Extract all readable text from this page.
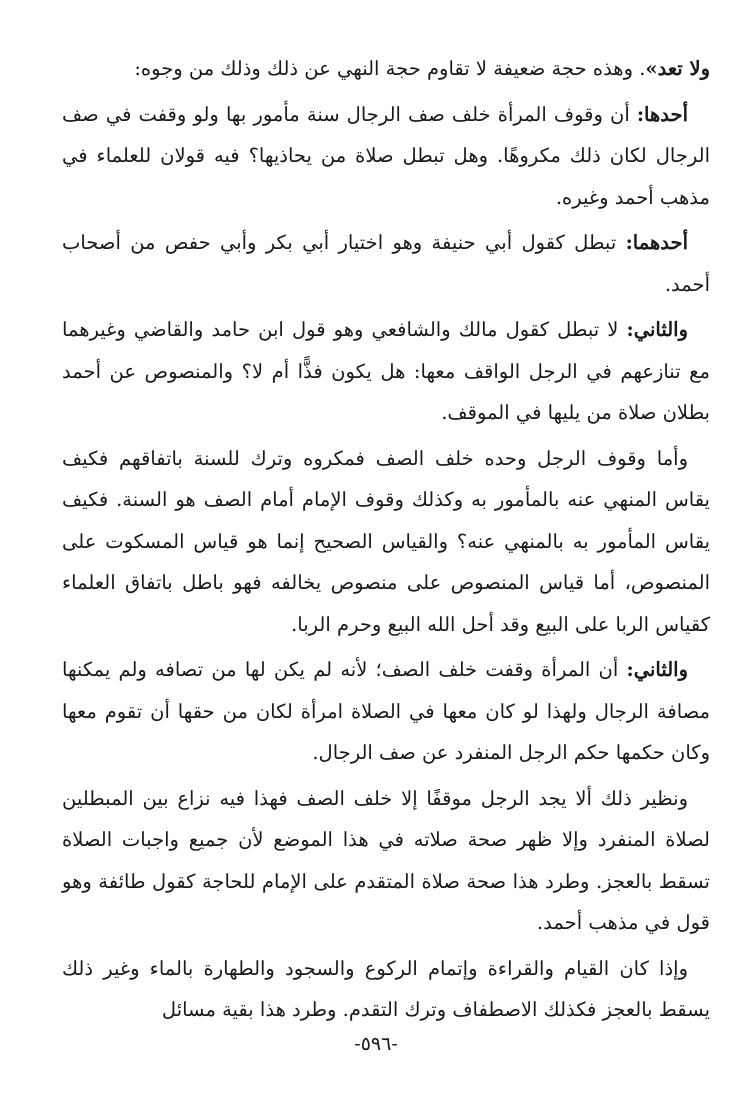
ولا تعد». وهذه حجة ضعيفة لا تقاوم حجة النهي عن ذلك وذلك من وجوه:

أحدها: أن وقوف المرأة خلف صف الرجال سنة مأمور بها ولو وقفت في صف الرجال لكان ذلك مكروهًا. وهل تبطل صلاة من يحاذيها؟ فيه قولان للعلماء في مذهب أحمد وغيره.

أحدهما: تبطل كقول أبي حنيفة وهو اختيار أبي بكر وأبي حفص من أصحاب أحمد.

والثاني: لا تبطل كقول مالك والشافعي وهو قول ابن حامد والقاضي وغيرهما مع تنازعهم في الرجل الواقف معها: هل يكون فذًّا أم لا؟ والمنصوص عن أحمد بطلان صلاة من يليها في الموقف.

وأما وقوف الرجل وحده خلف الصف فمكروه وترك للسنة باتفاقهم فكيف يقاس المنهي عنه بالمأمور به وكذلك وقوف الإمام أمام الصف هو السنة. فكيف يقاس المأمور به بالمنهي عنه؟ والقياس الصحيح إنما هو قياس المسكوت على المنصوص، أما قياس المنصوص على منصوص يخالفه فهو باطل باتفاق العلماء كقياس الربا على البيع وقد أحل الله البيع وحرم الربا.

والثاني: أن المرأة وقفت خلف الصف؛ لأنه لم يكن لها من تصافه ولم يمكنها مصافة الرجال ولهذا لو كان معها في الصلاة امرأة لكان من حقها أن تقوم معها وكان حكمها حكم الرجل المنفرد عن صف الرجال.

ونظير ذلك ألا يجد الرجل موقفًا إلا خلف الصف فهذا فيه نزاع بين المبطلين لصلاة المنفرد وإلا ظهر صحة صلاته في هذا الموضع لأن جميع واجبات الصلاة تسقط بالعجز. وطرد هذا صحة صلاة المتقدم على الإمام للحاجة كقول طائفة وهو قول في مذهب أحمد.

وإذا كان القيام والقراءة وإتمام الركوع والسجود والطهارة بالماء وغير ذلك يسقط بالعجز فكذلك الاصطفاف وترك التقدم. وطرد هذا بقية مسائل

-٥٩٦-
